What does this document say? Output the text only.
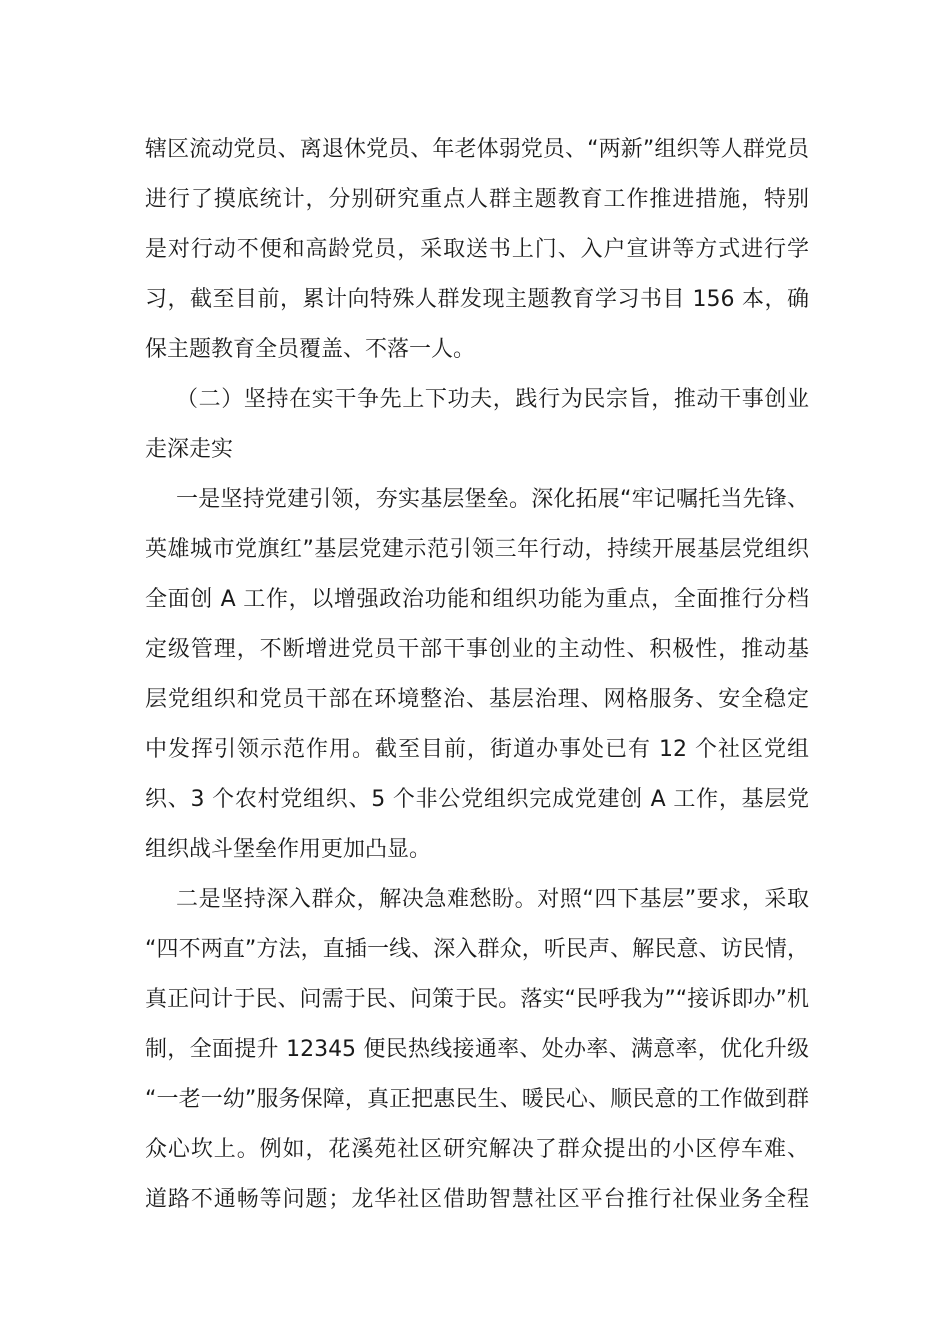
辖区流动党员、离退休党员、年老体弱党员、“两新”组织等人群党员
进行了摸底统计，分别研究重点人群主题教育工作推进措施，特别
是对行动不便和高龄党员，采取送书上门、入户宣讲等方式进行学
习，截至目前，累计向特殊人群发现主题教育学习书目 156 本，确
保主题教育全员覆盖、不落一人。
（二）坚持在实干争先上下功夫，践行为民宗旨，推动干事创业
走深走实
一是坚持党建引领，夯实基层堡垒。深化拓展“牢记嘱托当先锋、
英雄城市党旗红”基层党建示范引领三年行动，持续开展基层党组织
全面创 A 工作，以增强政治功能和组织功能为重点，全面推行分档
定级管理，不断增进党员干部干事创业的主动性、积极性，推动基
层党组织和党员干部在环境整治、基层治理、网格服务、安全稳定
中发挥引领示范作用。截至目前，街道办事处已有 12 个社区党组
织、3 个农村党组织、5 个非公党组织完成党建创 A 工作，基层党
组织战斗堡垒作用更加凸显。
二是坚持深入群众，解决急难愁盼。对照“四下基层”要求，采取
“四不两直”方法，直插一线、深入群众，听民声、解民意、访民情，
真正问计于民、问需于民、问策于民。落实“民呼我为”“接诉即办”机
制，全面提升 12345 便民热线接通率、处办率、满意率，优化升级
“一老一幼”服务保障，真正把惠民生、暖民心、顺民意的工作做到群
众心坎上。例如，花溪苑社区研究解决了群众提出的小区停车难、
道路不通畅等问题；龙华社区借助智慧社区平台推行社保业务全程
